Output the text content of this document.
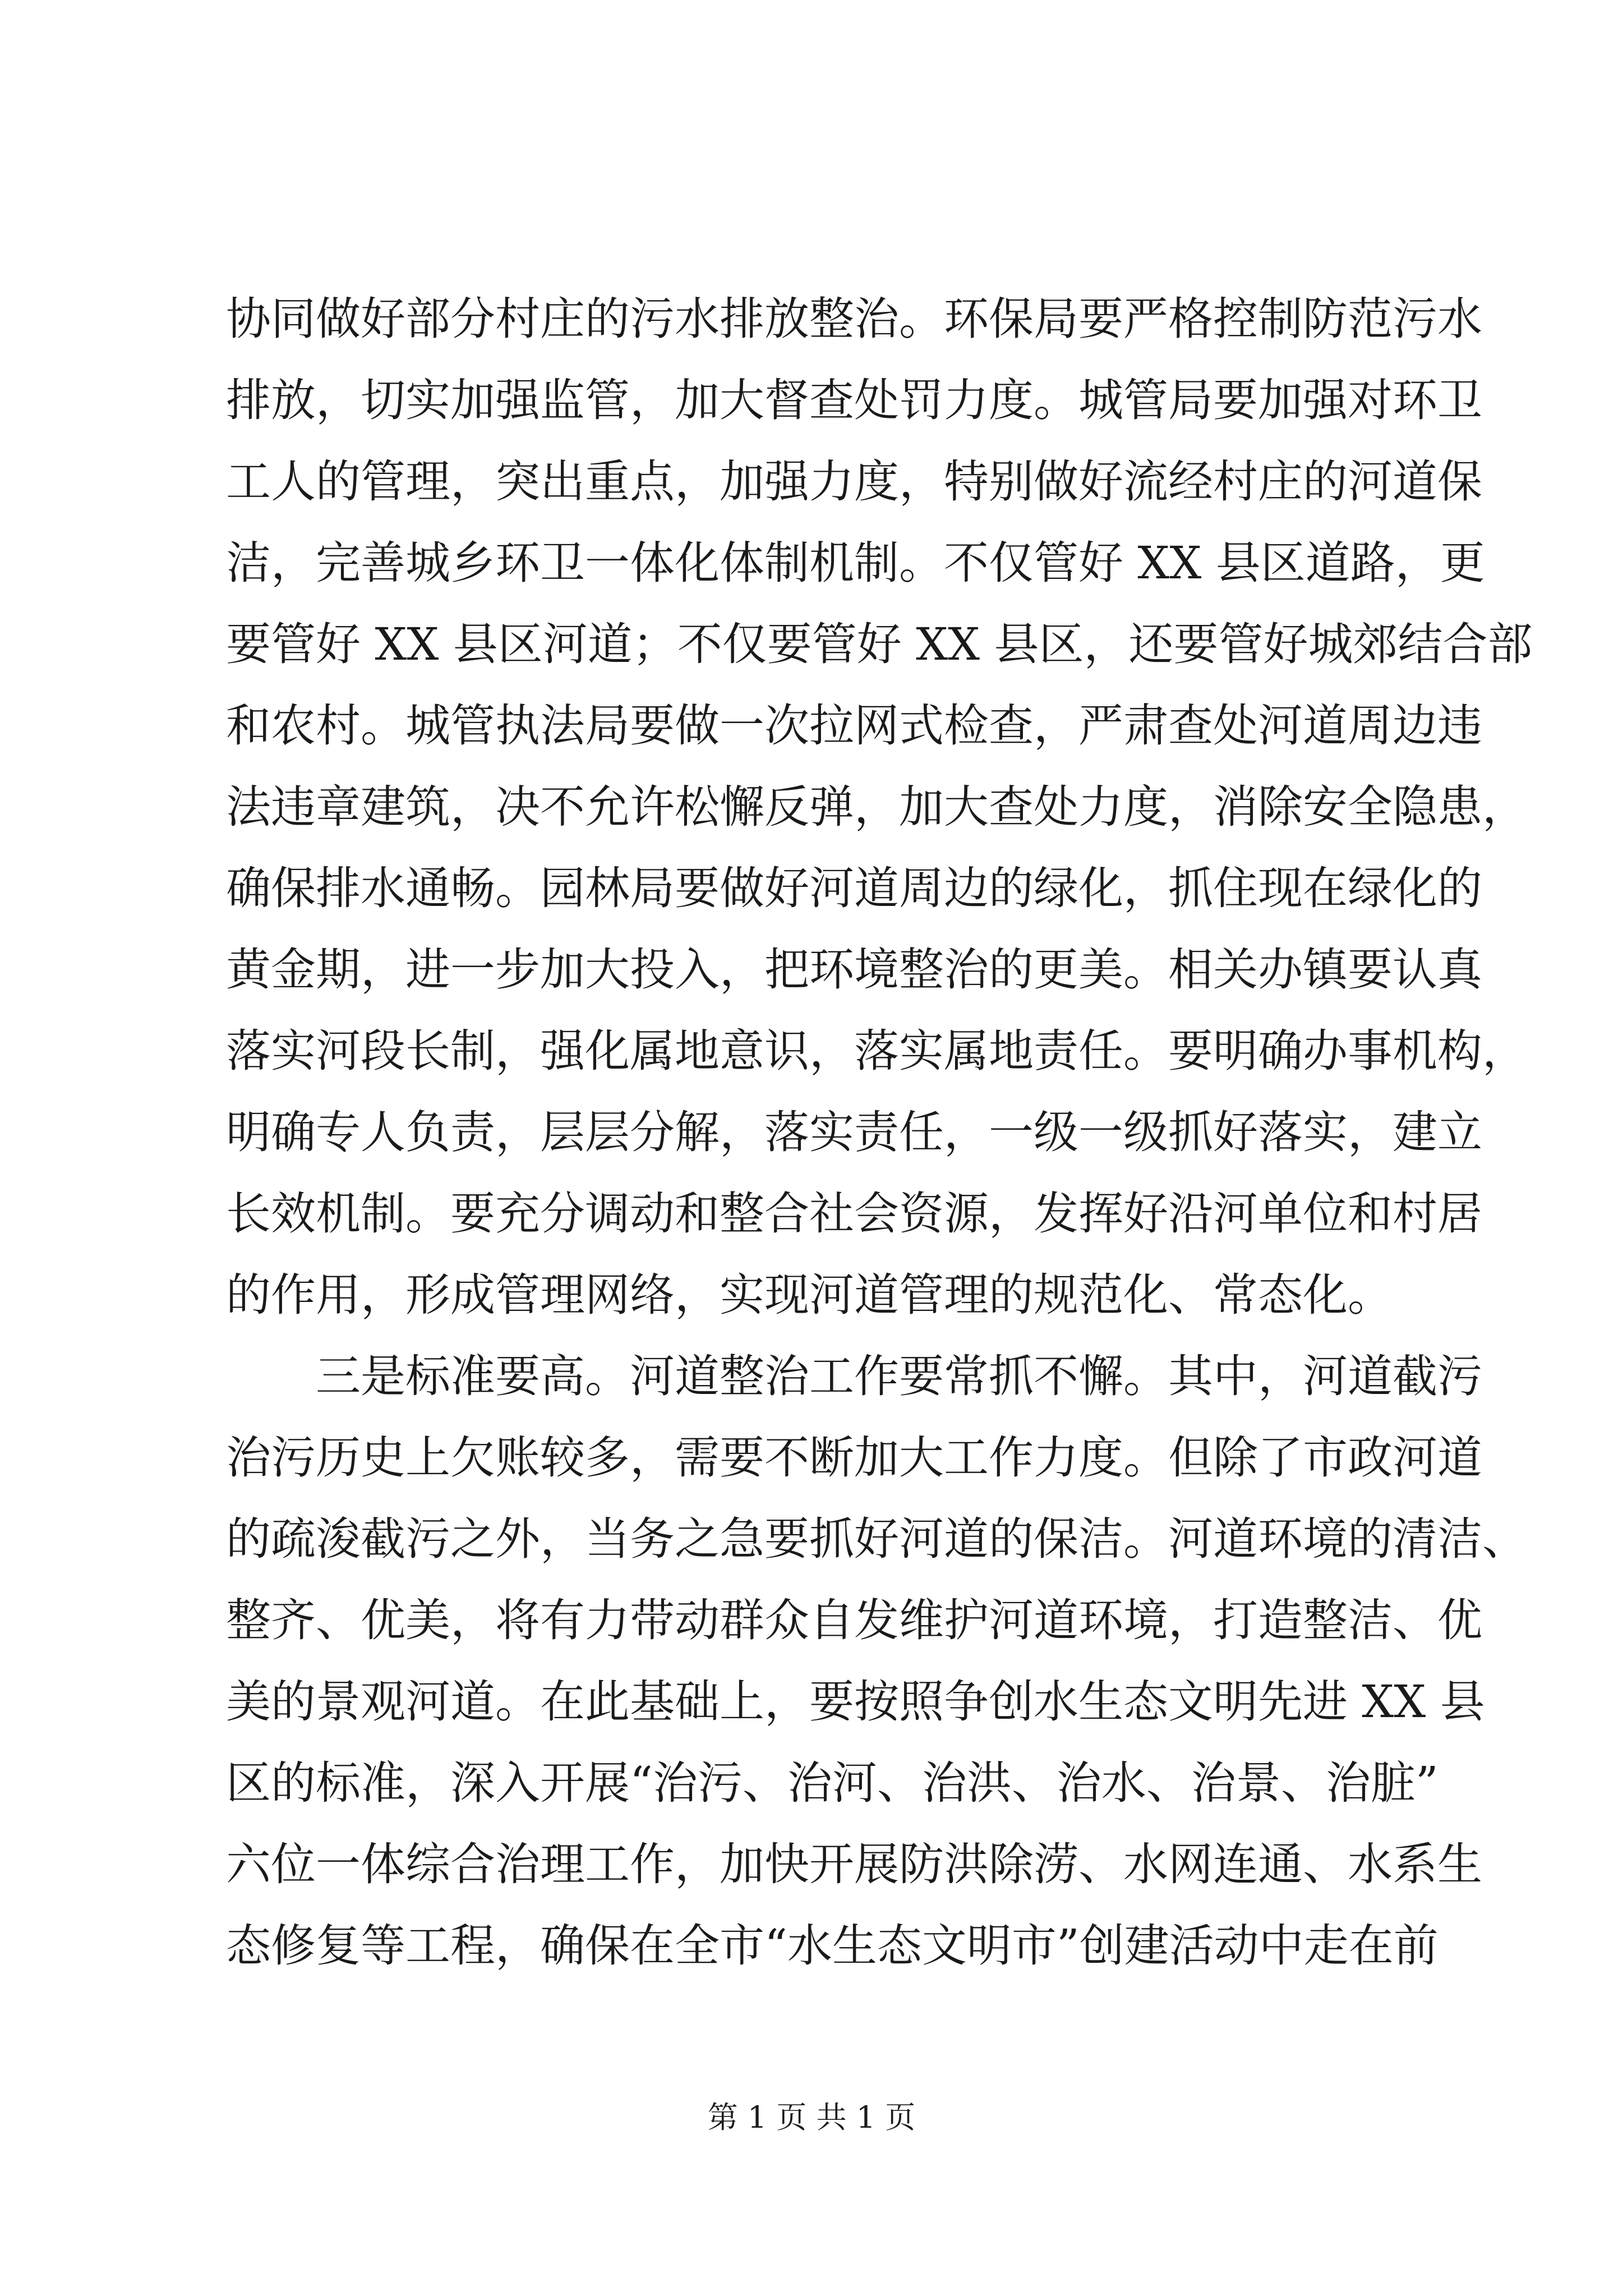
协同做好部分村庄的污水排放整治。环保局要严格控制防范污水
排放，切实加强监管，加大督查处罚力度。城管局要加强对环卫
工人的管理，突出重点，加强力度，特别做好流经村庄的河道保
洁，完善城乡环卫一体化体制机制。不仅管好 XX 县区道路，更
要管好 XX 县区河道；不仅要管好 XX 县区，还要管好城郊结合部
和农村。城管执法局要做一次拉网式检查，严肃查处河道周边违
法违章建筑，决不允许松懈反弹，加大查处力度，消除安全隐患，
确保排水通畅。园林局要做好河道周边的绿化，抓住现在绿化的
黄金期，进一步加大投入，把环境整治的更美。相关办镇要认真
落实河段长制，强化属地意识，落实属地责任。要明确办事机构，
明确专人负责，层层分解，落实责任，一级一级抓好落实，建立
长效机制。要充分调动和整合社会资源，发挥好沿河单位和村居
的作用，形成管理网络，实现河道管理的规范化、常态化。
三是标准要高。河道整治工作要常抓不懈。其中，河道截污
治污历史上欠账较多，需要不断加大工作力度。但除了市政河道
的疏浚截污之外，当务之急要抓好河道的保洁。河道环境的清洁、
整齐、优美，将有力带动群众自发维护河道环境，打造整洁、优
美的景观河道。在此基础上，要按照争创水生态文明先进 XX 县
区的标准，深入开展“治污、治河、治洪、治水、治景、治脏”
六位一体综合治理工作，加快开展防洪除涝、水网连通、水系生
态修复等工程，确保在全市“水生态文明市”创建活动中走在前
第 1 页 共 1 页
